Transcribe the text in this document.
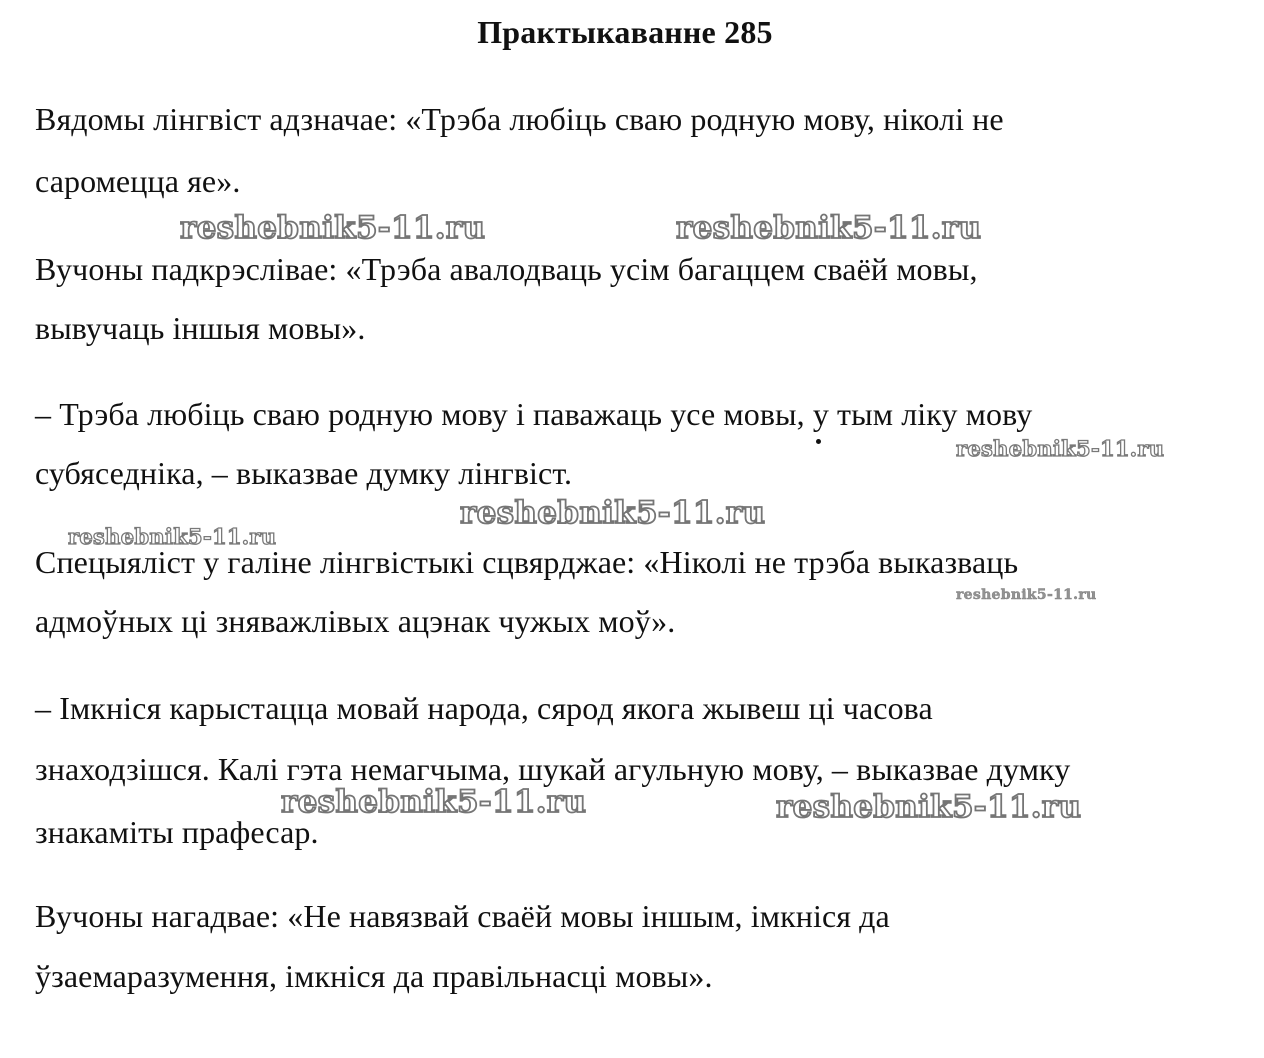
Практыкаванне 285
Вядомы лінгвіст адзначае: «Трэба любіць сваю родную мову, ніколі не
саромецца яе».
Вучоны падкрэслівае: «Трэба авалодваць усім багаццем сваёй мовы,
вывучаць іншыя мовы».
– Трэба любіць сваю родную мову і паважаць усе мовы, у тым ліку мову
субяседніка, – выказвае думку лінгвіст.
Спецыяліст у галіне лінгвістыкі сцвярджае: «Ніколі не трэба выказваць
адмоўных ці зняважлівых ацэнак чужых моў».
– Імкніся карыстацца мовай народа, сярод якога жывеш ці часова
знаходзішся. Калі гэта немагчыма, шукай агульную мову, – выказвае думку
знакаміты прафесар.
Вучоны нагадвае: «Не навязвай сваёй мовы іншым, імкніся да
ўзаемаразумення, імкніся да правільнасці мовы».
reshebnik5-11.ru	reshebnik5-11.ru
reshebnik5-11.ru
reshebnik5-11.ru
reshebnik5-11.ru
reshebnik5-11.ru
reshebnik5-11.ru	reshebnik5-11.ru
